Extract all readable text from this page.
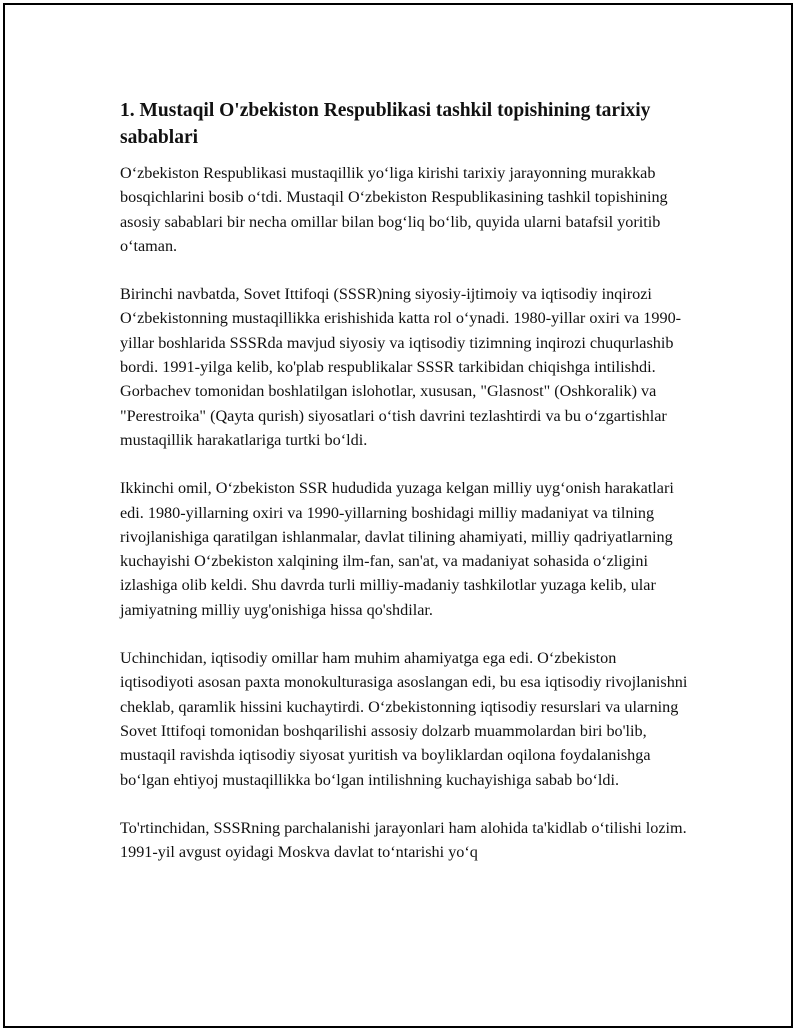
1. Mustaqil O'zbekiston Respublikasi tashkil topishining tarixiy sabablari

O‘zbekiston Respublikasi mustaqillik yo‘liga kirishi tarixiy jarayonning murakkab bosqichlarini bosib o‘tdi. Mustaqil O‘zbekiston Respublikasining tashkil topishining asosiy sabablari bir necha omillar bilan bog‘liq bo‘lib, quyida ularni batafsil yoritib o‘taman.

Birinchi navbatda, Sovet Ittifoqi (SSSR)ning siyosiy-ijtimoiy va iqtisodiy inqirozi O‘zbekistonning mustaqillikka erishishida katta rol o‘ynadi. 1980-yillar oxiri va 1990-yillar boshlarida SSSRda mavjud siyosiy va iqtisodiy tizimning inqirozi chuqurlashib bordi. 1991-yilga kelib, ko'plab respublikalar SSSR tarkibidan chiqishga intilishdi. Gorbachev tomonidan boshlatilgan islohotlar, xususan, "Glasnost" (Oshkoralik) va "Perestroika" (Qayta qurish) siyosatlari o‘tish davrini tezlashtirdi va bu o‘zgartishlar mustaqillik harakatlariga turtki bo‘ldi.

Ikkinchi omil, O‘zbekiston SSR hududida yuzaga kelgan milliy uyg‘onish harakatlari edi. 1980-yillarning oxiri va 1990-yillarning boshidagi milliy madaniyat va tilning rivojlanishiga qaratilgan ishlanmalar, davlat tilining ahamiyati, milliy qadriyatlarning kuchayishi O‘zbekiston xalqining ilm-fan, san'at, va madaniyat sohasida o‘zligini izlashiga olib keldi. Shu davrda turli milliy-madaniy tashkilotlar yuzaga kelib, ular jamiyatning milliy uyg'onishiga hissa qo'shdilar.

Uchinchidan, iqtisodiy omillar ham muhim ahamiyatga ega edi. O‘zbekiston iqtisodiyoti asosan paxta monokulturasiga asoslangan edi, bu esa iqtisodiy rivojlanishni cheklab, qaramlik hissini kuchaytirdi. O‘zbekistonning iqtisodiy resurslari va ularning Sovet Ittifoqi tomonidan boshqarilishi assosiy dolzarb muammolardan biri bo'lib, mustaqil ravishda iqtisodiy siyosat yuritish va boyliklardan oqilona foydalanishga bo‘lgan ehtiyoj mustaqillikka bo‘lgan intilishning kuchayishiga sabab bo‘ldi.

To'rtinchidan, SSSRning parchalanishi jarayonlari ham alohida ta'kidlab o‘tilishi lozim. 1991-yil avgust oyidagi Moskva davlat to‘ntarishi yo‘q
